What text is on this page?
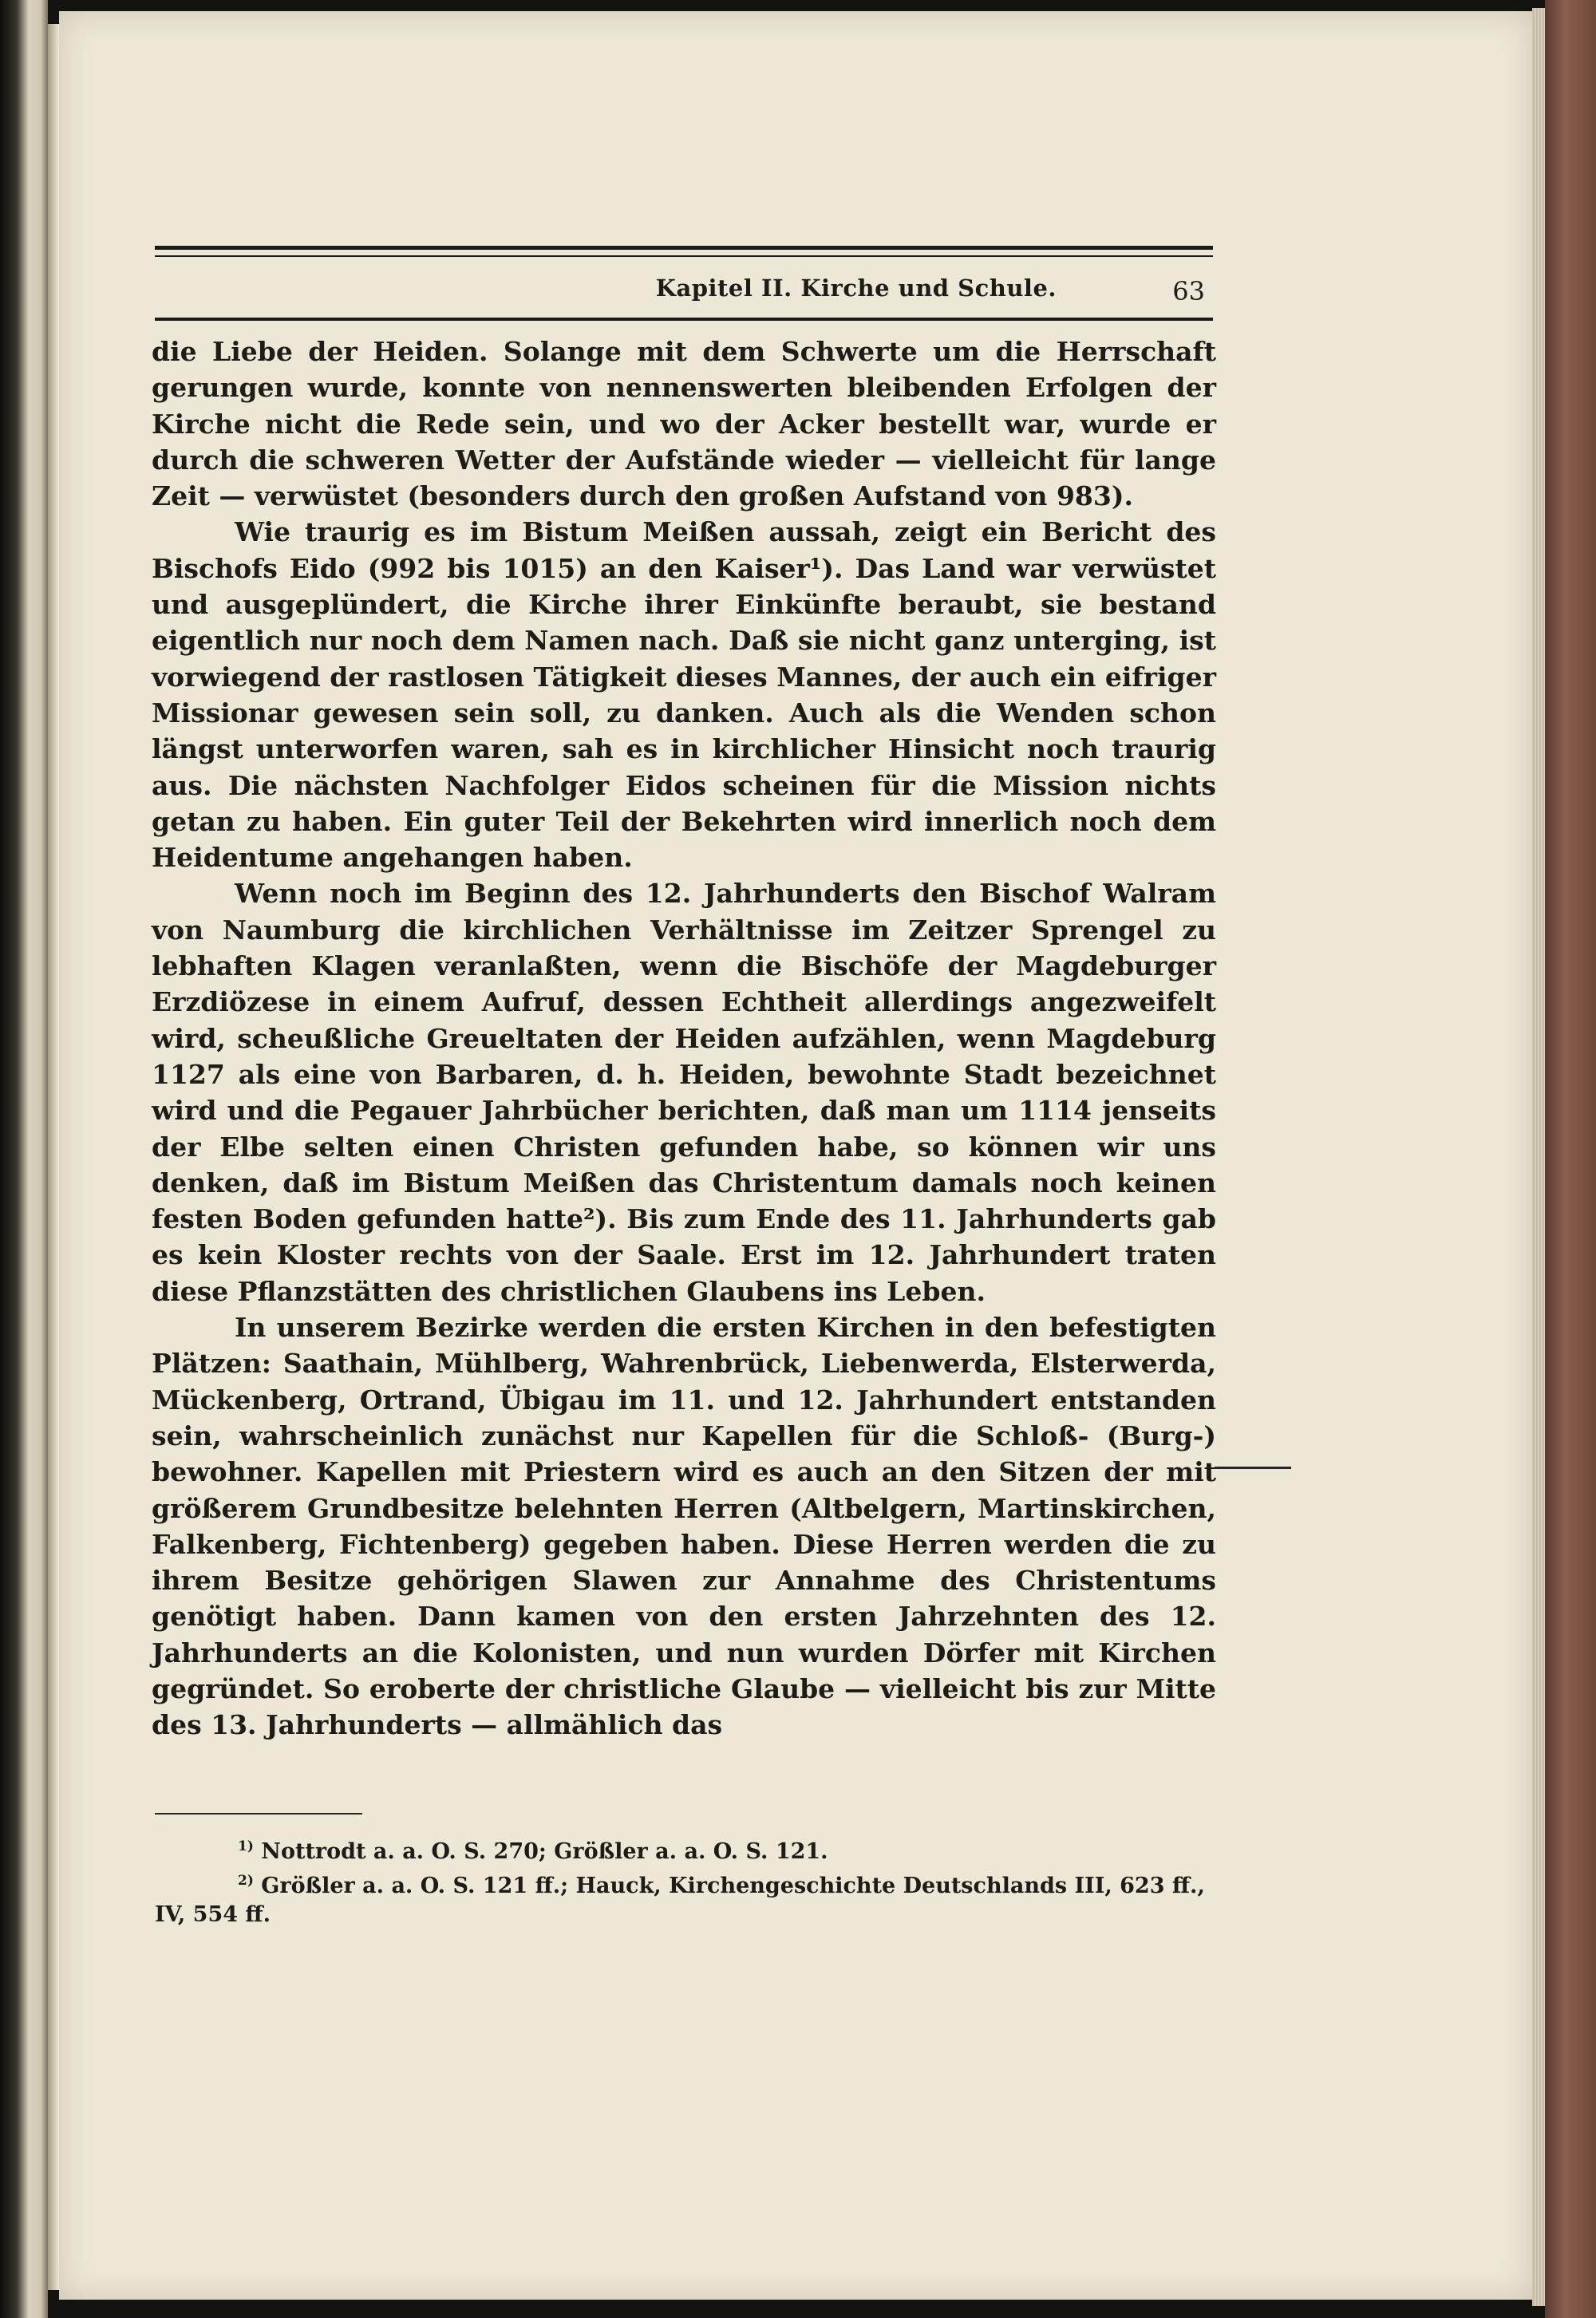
Kapitel II. Kirche und Schule.	63

die Liebe der Heiden. Solange mit dem Schwerte um die Herrschaft gerungen wurde, konnte von nennenswerten bleibenden Erfolgen der Kirche nicht die Rede sein, und wo der Acker bestellt war, wurde er durch die schweren Wetter der Aufstände wieder — vielleicht für lange Zeit — verwüstet (besonders durch den großen Aufstand von 983).

Wie traurig es im Bistum Meißen aussah, zeigt ein Bericht des Bischofs Eido (992 bis 1015) an den Kaiser¹). Das Land war verwüstet und ausgeplündert, die Kirche ihrer Einkünfte beraubt, sie bestand eigentlich nur noch dem Namen nach. Daß sie nicht ganz unterging, ist vorwiegend der rastlosen Tätigkeit dieses Mannes, der auch ein eifriger Missionar gewesen sein soll, zu danken. Auch als die Wenden schon längst unterworfen waren, sah es in kirchlicher Hinsicht noch traurig aus. Die nächsten Nachfolger Eidos scheinen für die Mission nichts getan zu haben. Ein guter Teil der Bekehrten wird innerlich noch dem Heidentume angehangen haben.

Wenn noch im Beginn des 12. Jahrhunderts den Bischof Walram von Naumburg die kirchlichen Verhältnisse im Zeitzer Sprengel zu lebhaften Klagen veranlaßten, wenn die Bischöfe der Magdeburger Erzdiözese in einem Aufruf, dessen Echtheit allerdings angezweifelt wird, scheußliche Greueltaten der Heiden aufzählen, wenn Magdeburg 1127 als eine von Barbaren, d. h. Heiden, bewohnte Stadt bezeichnet wird und die Pegauer Jahrbücher berichten, daß man um 1114 jenseits der Elbe selten einen Christen gefunden habe, so können wir uns denken, daß im Bistum Meißen das Christentum damals noch keinen festen Boden gefunden hatte²). Bis zum Ende des 11. Jahrhunderts gab es kein Kloster rechts von der Saale. Erst im 12. Jahrhundert traten diese Pflanzstätten des christlichen Glaubens ins Leben.

In unserem Bezirke werden die ersten Kirchen in den befestigten Plätzen: Saathain, Mühlberg, Wahrenbrück, Liebenwerda, Elsterwerda, Mückenberg, Ortrand, Übigau im 11. und 12. Jahrhundert entstanden sein, wahrscheinlich zunächst nur Kapellen für die Schloß- (Burg-) bewohner. Kapellen mit Priestern wird es auch an den Sitzen der mit größerem Grundbesitze belehnten Herren (Altbelgern, Martinskirchen, Falkenberg, Fichtenberg) gegeben haben. Diese Herren werden die zu ihrem Besitze gehörigen Slawen zur Annahme des Christentums genötigt haben. Dann kamen von den ersten Jahrzehnten des 12. Jahrhunderts an die Kolonisten, und nun wurden Dörfer mit Kirchen gegründet. So eroberte der christliche Glaube — vielleicht bis zur Mitte des 13. Jahrhunderts — allmählich das

$^{1)}$ Nottrodt a. a. O. S. 270; Größler a. a. O. S. 121.
$^{2)}$ Größler a. a. O. S. 121 ff.; Hauck, Kirchengeschichte Deutschlands III, 623 ff., IV, 554 ff.
